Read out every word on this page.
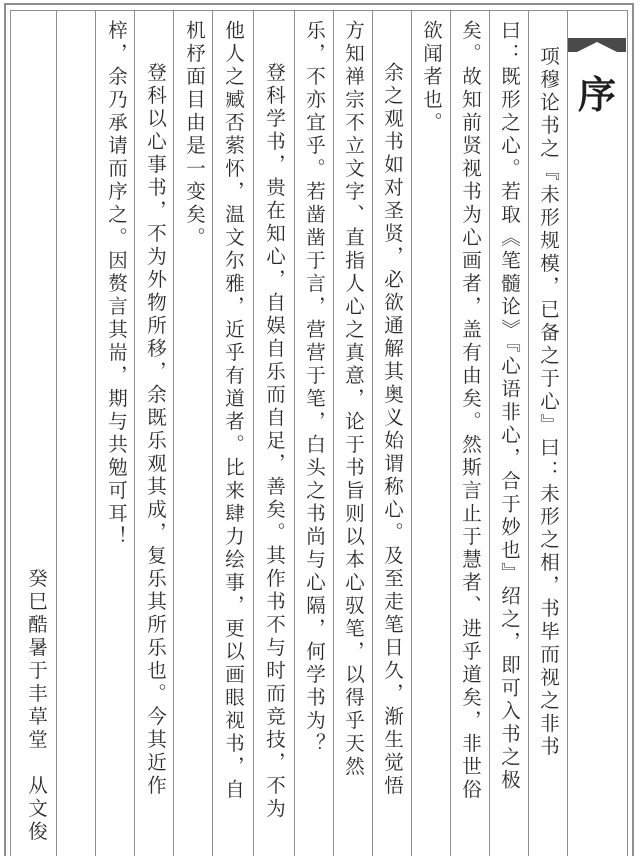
序
项穆论书之『未形规模，已备之于心』曰：未形之相，书毕而视之非书
曰：既形之心。若取《笔髓论》『心语非心，合于妙也』绍之，即可入书之极
矣。故知前贤视书为心画者，盖有由矣。然斯言止于慧者、进乎道矣，非世俗
欲闻者也。
余之观书如对圣贤，必欲通解其奥义始谓称心。及至走笔日久，渐生觉悟
方知禅宗不立文字、直指人心之真意，论于书旨则以本心驭笔，以得乎天然
乐，不亦宜乎。若凿凿于言，营营于笔，白头之书尚与心隔，何学书为？
登科学书，贵在知心，自娱自乐而自足，善矣。其作书不与时而竞技，不为
他人之臧否萦怀，温文尔雅，近乎有道者。比来肆力绘事，更以画眼视书，自
机杼面目由是一变矣。
登科以心事书，不为外物所移，余既乐观其成，复乐其所乐也。今其近作
梓，余乃承请而序之。因赘言其耑，期与共勉可耳！
癸巳酷暑于丰草堂　从文俊
